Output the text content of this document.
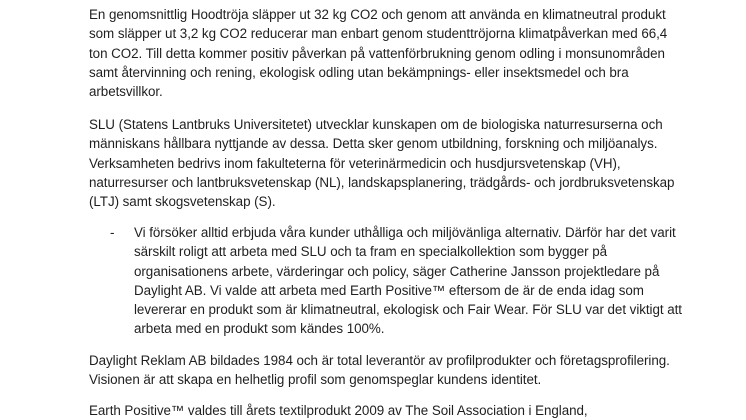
En genomsnittlig Hoodtröja släpper ut 32 kg CO2 och genom att använda en klimatneutral produkt som släpper ut 3,2 kg CO2 reducerar man enbart genom studenttröjorna klimatpåverkan med 66,4 ton CO2. Till detta kommer positiv påverkan på vattenförbrukning genom odling i monsunområden samt återvinning och rening, ekologisk odling utan bekämpnings- eller insektsmedel och bra arbetsvillkor.

SLU (Statens Lantbruks Universitetet) utvecklar kunskapen om de biologiska naturresurserna och människans hållbara nyttjande av dessa. Detta sker genom utbildning, forskning och miljöanalys. Verksamheten bedrivs inom fakulteterna för veterinärmedicin och husdjursvetenskap (VH), naturresurser och lantbruksvetenskap (NL), landskapsplanering, trädgårds- och jordbruksvetenskap (LTJ) samt skogsvetenskap (S).

- Vi försöker alltid erbjuda våra kunder uthålliga och miljövänliga alternativ. Därför har det varit särskilt roligt att arbeta med SLU och ta fram en specialkollektion som bygger på organisationens arbete, värderingar och policy, säger Catherine Jansson projektledare på Daylight AB. Vi valde att arbeta med Earth Positive™ eftersom de är de enda idag som levererar en produkt som är klimatneutral, ekologisk och Fair Wear. För SLU var det viktigt att arbeta med en produkt som kändes 100%.

Daylight Reklam AB bildades 1984 och är total leverantör av profilprodukter och företagsprofilering. Visionen är att skapa en helhetlig profil som genomspeglar kundens identitet.

Earth Positive™ valdes till årets textilprodukt 2009 av The Soil Association i England,
